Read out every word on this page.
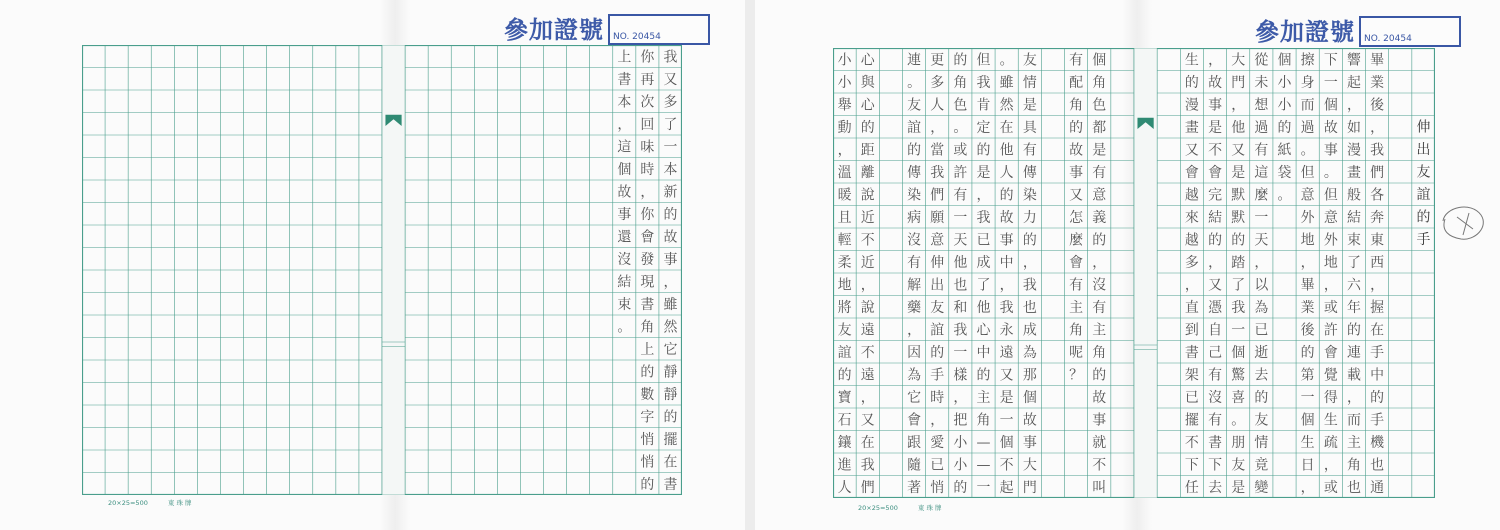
參加證號 NO. 20454
我
又
多
了
一
本
新
的
故
事
，
雖
然
它
靜
靜
的
擺
在
書
你
再
次
回
味
時
，
你
會
發
現
書
角
上
的
數
字
悄
悄
的
上
書
本
，
這
個
故
事
還
沒
結
束
。
20×25=500	東 珠 牌
參加證號 NO. 20454
伸
出
友
誼
的
手
畢
業
後
，
我
們
各
奔
東
西
，
握
在
手
中
的
手
機
也
通
響
起
，
如
漫
畫
般
結
束
了
六
年
的
連
載
，
而
主
角
也
下
一
個
故
事
。
但
意
外
地
，
或
許
會
覺
得
生
疏
，
或
擦
身
而
過
。
但
意
外
地
，
畢
業
後
的
第
一
個
生
日
，
個
小
小
的
紙
袋
。
從
未
想
過
有
這
麼
一
天
，
以
為
已
逝
去
的
友
情
竟
變
大
門
，
他
又
是
默
默
的
踏
了
我
一
個
驚
喜
。
朋
友
是
，
故
事
是
不
會
完
結
的
，
又
憑
自
己
有
沒
有
書
下
去
生
的
漫
畫
又
會
越
來
越
多
，
直
到
書
架
已
擺
不
下
任
個
角
色
都
是
有
意
義
的
，
沒
有
主
角
的
故
事
就
不
叫
有
配
角
的
故
事
又
怎
麼
會
有
主
角
呢
？
友
情
是
具
有
傳
染
力
的
，
我
也
成
為
那
個
故
事
大
門
。
雖
然
在
他
人
的
故
事
中
，
我
永
遠
又
是
一
個
不
起
但
我
肯
定
的
是
，
我
已
成
了
他
心
中
的
主
角
—
—
一
的
角
色
。
或
許
有
一
天
他
也
和
我
一
樣
，
把
小
小
的
更
多
人
，
當
我
們
願
意
伸
出
友
誼
的
手
時
，
愛
已
悄
連
。
友
誼
的
傳
染
病
沒
有
解
藥
，
因
為
它
會
跟
隨
著
心
與
心
的
距
離
說
近
不
近
，
說
遠
不
遠
，
又
在
我
們
小
小
舉
動
，
溫
暖
且
輕
柔
地
將
友
誼
的
寶
石
鑲
進
人
20×25=500	東 珠 牌
